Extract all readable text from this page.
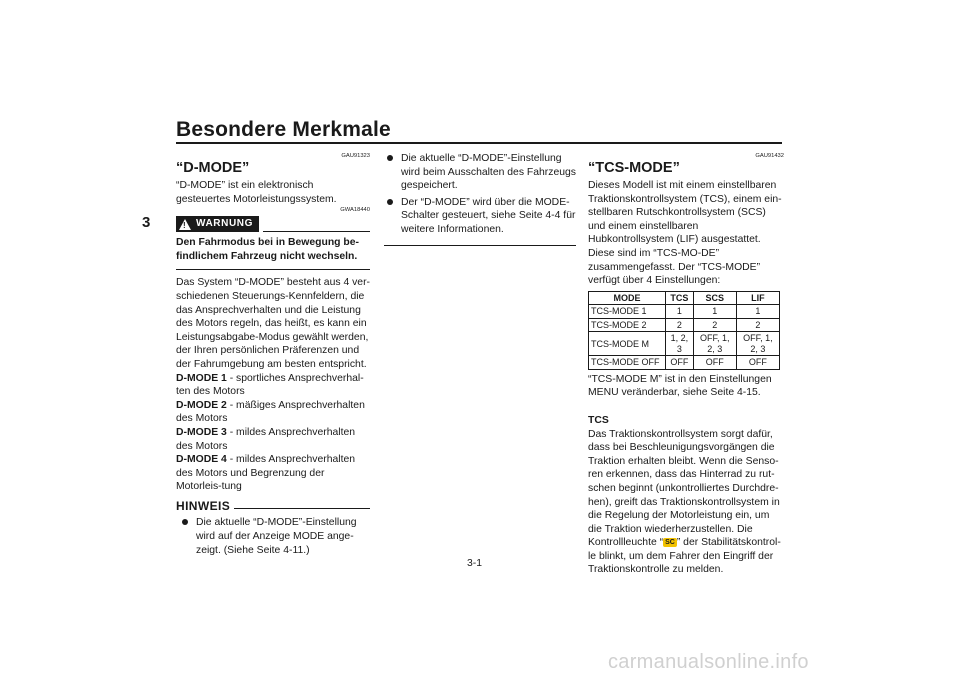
Besondere Merkmale
3
GAU91323
“D-MODE”

“D-MODE” ist ein elektronisch gesteuertes Motorleistungssystem.

GWA18440
! WARNUNG
Den Fahrmodus bei in Bewegung be-findlichem Fahrzeug nicht wechseln.

Das System “D-MODE” besteht aus 4 ver-schiedenen Steuerungs-Kennfeldern, die das Ansprechverhalten und die Leistung des Motors regeln, das heißt, es kann ein Leistungsabgabe-Modus gewählt werden, der Ihren persönlichen Präferenzen und der Fahrumgebung am besten entspricht.

D-MODE 1 - sportliches Ansprechverhal-ten des Motors

D-MODE 2 - mäßiges Ansprechverhalten des Motors

D-MODE 3 - mildes Ansprechverhalten des Motors

D-MODE 4 - mildes Ansprechverhalten des Motors und Begrenzung der Motorleis-tung

HINWEIS
Die aktuelle “D-MODE”-Einstellung wird auf der Anzeige MODE ange-zeigt. (Siehe Seite 4-11.)
Die aktuelle “D-MODE”-Einstellung wird beim Ausschalten des Fahrzeugs gespeichert.
Der “D-MODE” wird über die MODE-Schalter gesteuert, siehe Seite 4-4 für weitere Informationen.
GAU91432
“TCS-MODE”

Dieses Modell ist mit einem einstellbaren Traktionskontrollsystem (TCS), einem ein-stellbaren Rutschkontrollsystem (SCS) und einem einstellbaren Hubkontrollsystem (LIF) ausgestattet. Diese sind im “TCS-MO-DE” zusammengefasst. Der “TCS-MODE” verfügt über 4 Einstellungen:

MODE	TCS	SCS	LIF
TCS-MODE 1	1	1	1
TCS-MODE 2	2	2	2
TCS-MODE M	1, 2, 3	OFF, 1, 2, 3	OFF, 1, 2, 3
TCS-MODE OFF	OFF	OFF	OFF

“TCS-MODE M” ist in den Einstellungen MENU veränderbar, siehe Seite 4-15.

TCS

Das Traktionskontrollsystem sorgt dafür, dass bei Beschleunigungsvorgängen die Traktion erhalten bleibt. Wenn die Senso-ren erkennen, dass das Hinterrad zu rut-schen beginnt (unkontrolliertes Durchdre-hen), greift das Traktionskontrollsystem in die Regelung der Motorleistung ein, um die Traktion wiederherzustellen. Die Kontrollleuchte “ SC ” der Stabilitätskontrol-le blinkt, um dem Fahrer den Eingriff der Traktionskontrolle zu melden.

3-1
carmanualsonline.info
